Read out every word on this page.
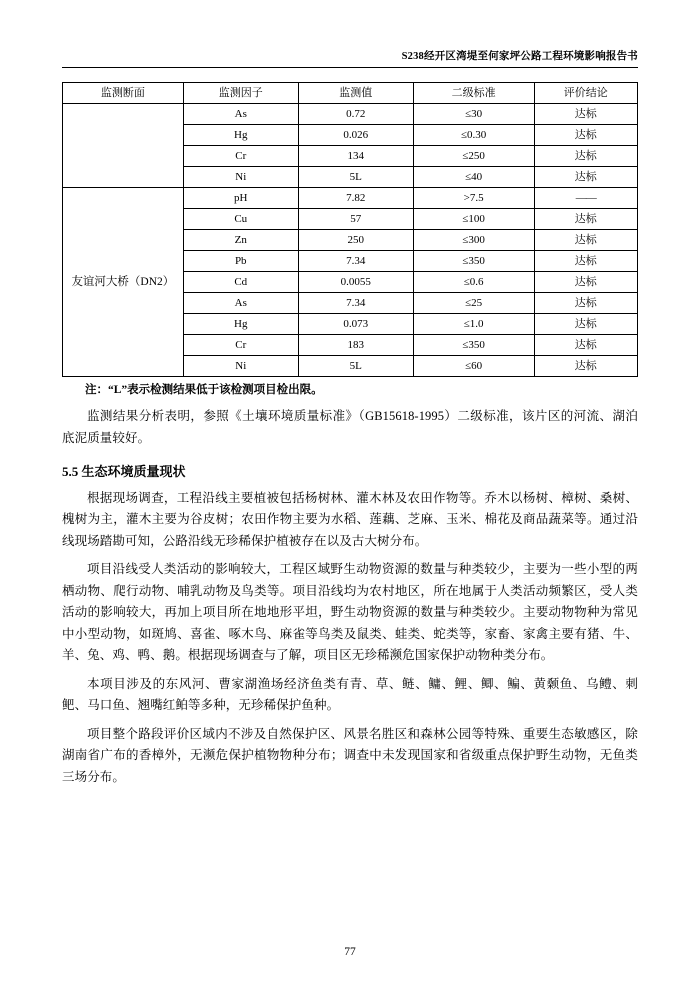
S238经开区湾堤至何家坪公路工程环境影响报告书
监测断面	监测因子	监测值	二级标准	评价结论
	As	0.72	≤30	达标
	Hg	0.026	≤0.30	达标
	Cr	134	≤250	达标
	Ni	5L	≤40	达标
友谊河大桥（DN2）	pH	7.82	>7.5	——
	Cu	57	≤100	达标
	Zn	250	≤300	达标
	Pb	7.34	≤350	达标
	Cd	0.0055	≤0.6	达标
	As	7.34	≤25	达标
	Hg	0.073	≤1.0	达标
	Cr	183	≤350	达标
	Ni	5L	≤60	达标
注：“L”表示检测结果低于该检测项目检出限。

监测结果分析表明，参照《土壤环境质量标准》（GB15618-1995）二级标准，该片区的河流、湖泊底泥质量较好。

5.5 生态环境质量现状

根据现场调查，工程沿线主要植被包括杨树林、灌木林及农田作物等。乔木以杨树、樟树、桑树、槐树为主，灌木主要为谷皮树；农田作物主要为水稻、莲藕、芝麻、玉米、棉花及商品蔬菜等。通过沿线现场踏勘可知，公路沿线无珍稀保护植被存在以及古大树分布。

项目沿线受人类活动的影响较大，工程区域野生动物资源的数量与种类较少，主要为一些小型的两栖动物、爬行动物、哺乳动物及鸟类等。项目沿线均为农村地区，所在地属于人类活动频繁区，受人类活动的影响较大，再加上项目所在地地形平坦，野生动物资源的数量与种类较少。主要动物物种为常见中小型动物，如斑鸠、喜雀、啄木鸟、麻雀等鸟类及鼠类、蛙类、蛇类等，家畜、家禽主要有猪、牛、羊、兔、鸡、鸭、鹅。根据现场调查与了解，项目区无珍稀濒危国家保护动物种类分布。

本项目涉及的东风河、曹家湖渔场经济鱼类有青、草、鲢、鳙、鲤、鲫、鳊、黄颡鱼、乌鳢、刺鲃、马口鱼、翘嘴红鲌等多种，无珍稀保护鱼种。

项目整个路段评价区域内不涉及自然保护区、风景名胜区和森林公园等特殊、重要生态敏感区，除湖南省广布的香樟外，无濒危保护植物物种分布；调查中未发现国家和省级重点保护野生动物，无鱼类三场分布。

77
